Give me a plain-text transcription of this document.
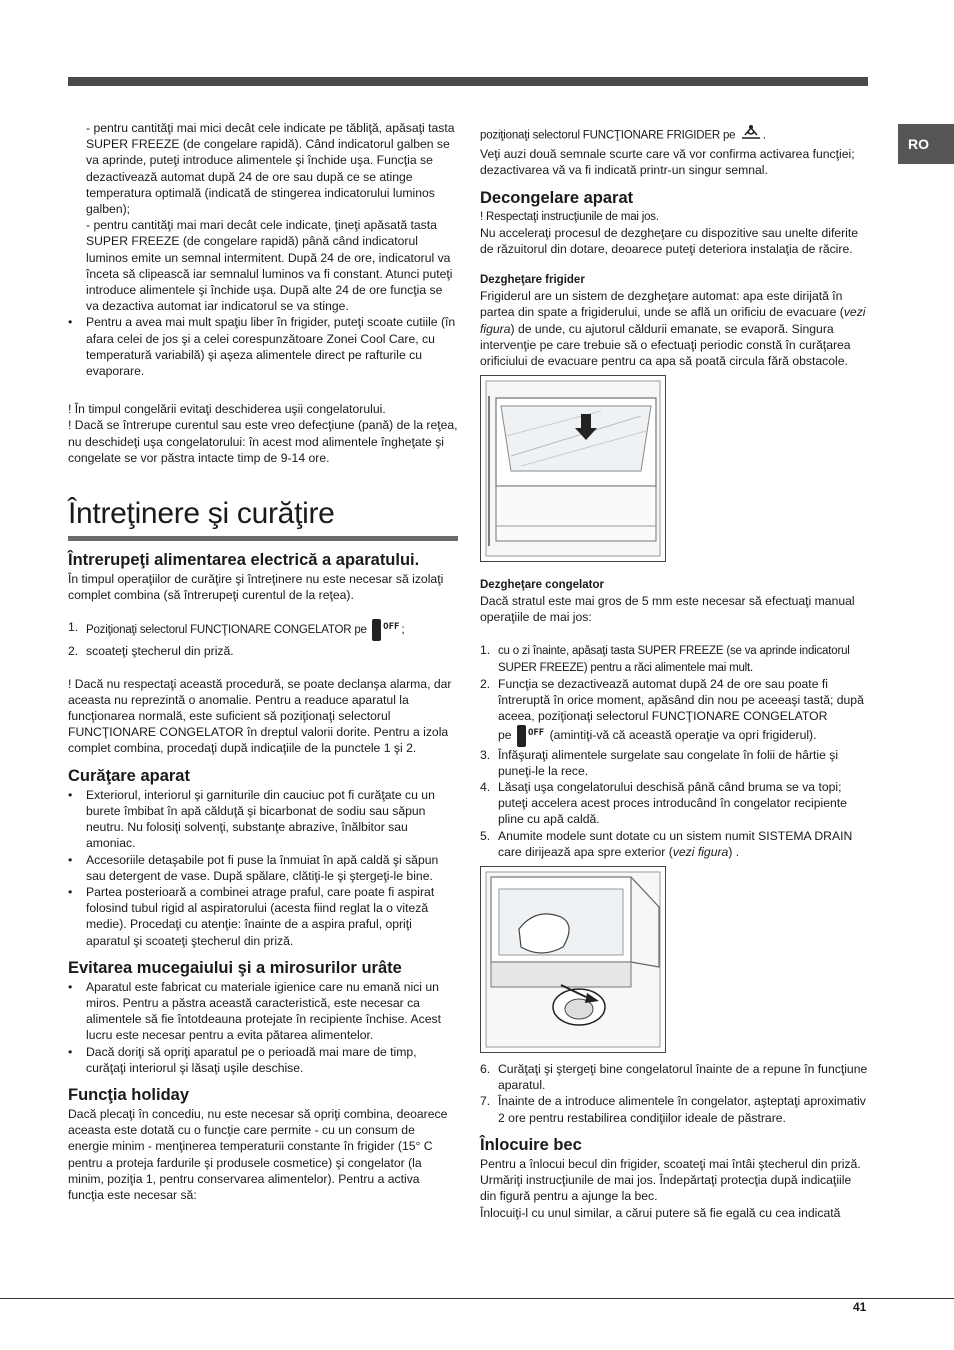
RO

- pentru cantităţi mai mici decât cele indicate pe tăbliţă, apăsaţi tasta SUPER FREEZE (de congelare rapidă). Când indicatorul galben se va aprinde, puteţi introduce alimentele şi închide uşa. Funcţia se dezactivează automat după 24 de ore sau după ce se atinge temperatura optimală (indicată de stingerea indicatorului luminos galben);

- pentru cantităţi mai mari decât cele indicate, ţineţi apăsată tasta SUPER FREEZE (de congelare rapidă) până când indicatorul luminos emite un semnal intermitent. După 24 de ore, indicatorul va înceta să clipească iar semnalul luminos va fi constant. Atunci puteţi introduce alimentele şi închide uşa. După alte 24 de ore funcţia se va dezactiva automat iar indicatorul se va stinge.

• Pentru a avea mai mult spaţiu liber în frigider, puteţi scoate cutiile (în afara celei de jos şi a celei corespunzătoare Zonei Cool Care, cu temperatură variabilă) şi aşeza alimentele direct pe rafturile cu evaporare.

! În timpul congelării evitaţi deschiderea uşii congelatorului.

! Dacă se întrerupe curentul sau este vreo defecţiune (pană) de la reţea, nu deschideţi uşa congelatorului: în acest mod alimentele îngheţate şi congelate se vor păstra intacte timp de 9-14 ore.

Întreţinere şi curăţire
Întrerupeţi alimentarea electrică a aparatului.

În timpul operaţiilor de curăţire şi întreţinere nu este necesar să izolaţi complet combina (să întrerupeţi curentul de la reţea).

1. Poziţionaţi selectorul FUNCŢIONARE CONGELATOR pe $^{OFF}$ ;
2. scoateţi ştecherul din priză.

! Dacă nu respectaţi această procedură, se poate declanşa alarma, dar aceasta nu reprezintă o anomalie. Pentru a readuce aparatul la funcţionarea normală, este suficient să poziţionaţi selectorul FUNCŢIONARE CONGELATOR în dreptul valorii dorite. Pentru a izola complet combina, procedaţi după indicaţiile de la punctele 1 şi 2.

Curăţare aparat
• Exteriorul, interiorul şi garniturile din cauciuc pot fi curăţate cu un burete îmbibat în apă călduţă şi bicarbonat de sodiu sau săpun neutru. Nu folosiţi solvenţi, substanţe abrazive, înălbitor sau amoniac.
• Accesoriile detaşabile pot fi puse la înmuiat în apă caldă şi săpun sau detergent de vase. După spălare, clătiţi-le şi ştergeţi-le bine.
• Partea posterioară a combinei atrage praful, care poate fi aspirat folosind tubul rigid al aspiratorului (acesta fiind reglat la o viteză medie). Procedaţi cu atenţie: înainte de a aspira praful, opriţi aparatul şi scoateţi ştecherul din priză.
Evitarea mucegaiului şi a mirosurilor urâte
• Aparatul este fabricat cu materiale igienice care nu emană nici un miros. Pentru a păstra această caracteristică, este necesar ca alimentele să fie întotdeauna protejate în recipiente închise. Acest lucru este necesar pentru a evita pătarea alimentelor.
• Dacă doriţi să opriţi aparatul pe o perioadă mai mare de timp, curăţaţi interiorul şi lăsaţi uşile deschise.
Funcţia holiday

Dacă plecaţi în concediu, nu este necesar să opriţi combina, deoarece aceasta este dotată cu o funcţie care permite - cu un consum de energie minim - menţinerea temperaturii constante în frigider (15° C pentru a proteja fardurile şi produsele cosmetice) şi congelator (la minim, poziţia 1, pentru conservarea alimentelor). Pentru a activa funcţia este necesar să:

poziţionaţi selectorul FUNCŢIONARE FRIGIDER pe .

Veţi auzi două semnale scurte care vă vor confirma activarea funcţiei; dezactivarea vă va fi indicată printr-un singur semnal.

Decongelare aparat

! Respectaţi instrucţiunile de mai jos.

Nu acceleraţi procesul de dezgheţare cu dispozitive sau unelte diferite de răzuitorul din dotare, deoarece puteţi deteriora instalaţia de răcire.

Dezgheţare frigider

Frigiderul are un sistem de dezgheţare automat: apa este dirijată în partea din spate a frigiderului, unde se află un orificiu de evacuare (vezi figura) de unde, cu ajutorul căldurii emanate, se evaporă. Singura intervenţie pe care trebuie să o efectuaţi periodic constă în curăţarea orificiului de evacuare pentru ca apa să poată circula fără obstacole.

Dezgheţare congelator

Dacă stratul este mai gros de 5 mm este necesar să efectuaţi manual operaţiile de mai jos:

1. cu o zi înainte, apăsaţi tasta SUPER FREEZE (se va aprinde indicatorul SUPER FREEZE) pentru a răci alimentele mai mult.
2. Funcţia se dezactivează automat după 24 de ore sau poate fi întreruptă în orice moment, apăsând din nou pe aceeaşi tastă; după aceea, poziţionaţi selectorul FUNCŢIONARE CONGELATOR
pe $^{OFF}$ (amintiţi-vă că această operaţie va opri frigiderul).
3. Înfăşuraţi alimentele surgelate sau congelate în folii de hârtie şi puneţi-le la rece.
4. Lăsaţi uşa congelatorului deschisă până când bruma se va topi; puteţi accelera acest proces introducând în congelator recipiente pline cu apă caldă.
5. Anumite modele sunt dotate cu un sistem numit SISTEMA DRAIN care dirijează apa spre exterior (vezi figura) .
6. Curăţaţi şi ştergeţi bine congelatorul înainte de a repune în funcţiune aparatul.
7. Înainte de a introduce alimentele în congelator, aşteptaţi aproximativ 2 ore pentru restabilirea condiţiilor ideale de păstrare.
Înlocuire bec

Pentru a înlocui becul din frigider, scoateţi mai întâi ştecherul din priză. Urmăriţi instrucţiunile de mai jos. Îndepărtaţi protecţia după indicaţiile din figură pentru a ajunge la bec.

Înlocuiţi-l cu unul similar, a cărui putere să fie egală cu cea indicată

41
